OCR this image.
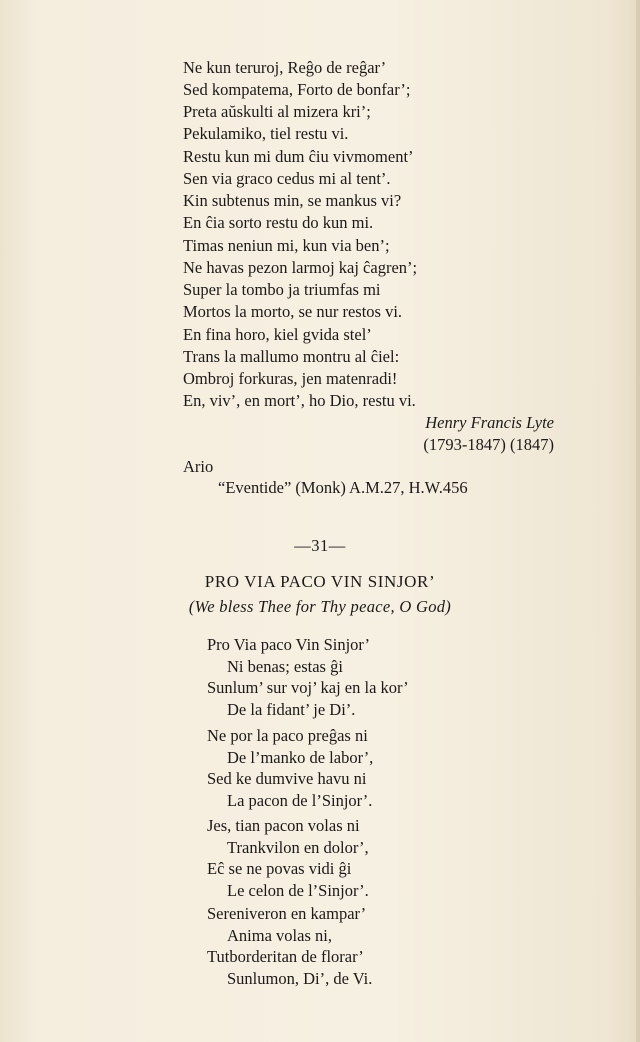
Ne kun teruroj, Reĝo de reĝar’
Sed kompatema, Forto de bonfar’;
Preta aŭskulti al mizera kri’;
Pekulamiko, tiel restu vi.
Restu kun mi dum ĉiu vivmoment’
Sen via graco cedus mi al tent’.
Kin subtenus min, se mankus vi?
En ĉia sorto restu do kun mi.
Timas neniun mi, kun via ben’;
Ne havas pezon larmoj kaj ĉagren’;
Super la tombo ja triumfas mi
Mortos la morto, se nur restos vi.
En fina horo, kiel gvida stel’
Trans la mallumo montru al ĉiel:
Ombroj forkuras, jen matenradi!
En, viv’, en mort’, ho Dio, restu vi.
Henry Francis Lyte
(1793-1847) (1847)
Ario
“Eventide” (Monk) A.M.27, H.W.456
—31—
PRO VIA PACO VIN SINJOR’
(We bless Thee for Thy peace, O God)
Pro Via paco Vin Sinjor’
Ni benas; estas ĝi
Sunlum’ sur voj’ kaj en la kor’
De la fidant’ je Di’.
Ne por la paco preĝas ni
De l’manko de labor’,
Sed ke dumvive havu ni
La pacon de l’Sinjor’.
Jes, tian pacon volas ni
Trankvilon en dolor’,
Eĉ se ne povas vidi ĝi
Le celon de l’Sinjor’.
Sereniveron en kampar’
Anima volas ni,
Tutborderitan de florar’
Sunlumon, Di’, de Vi.
